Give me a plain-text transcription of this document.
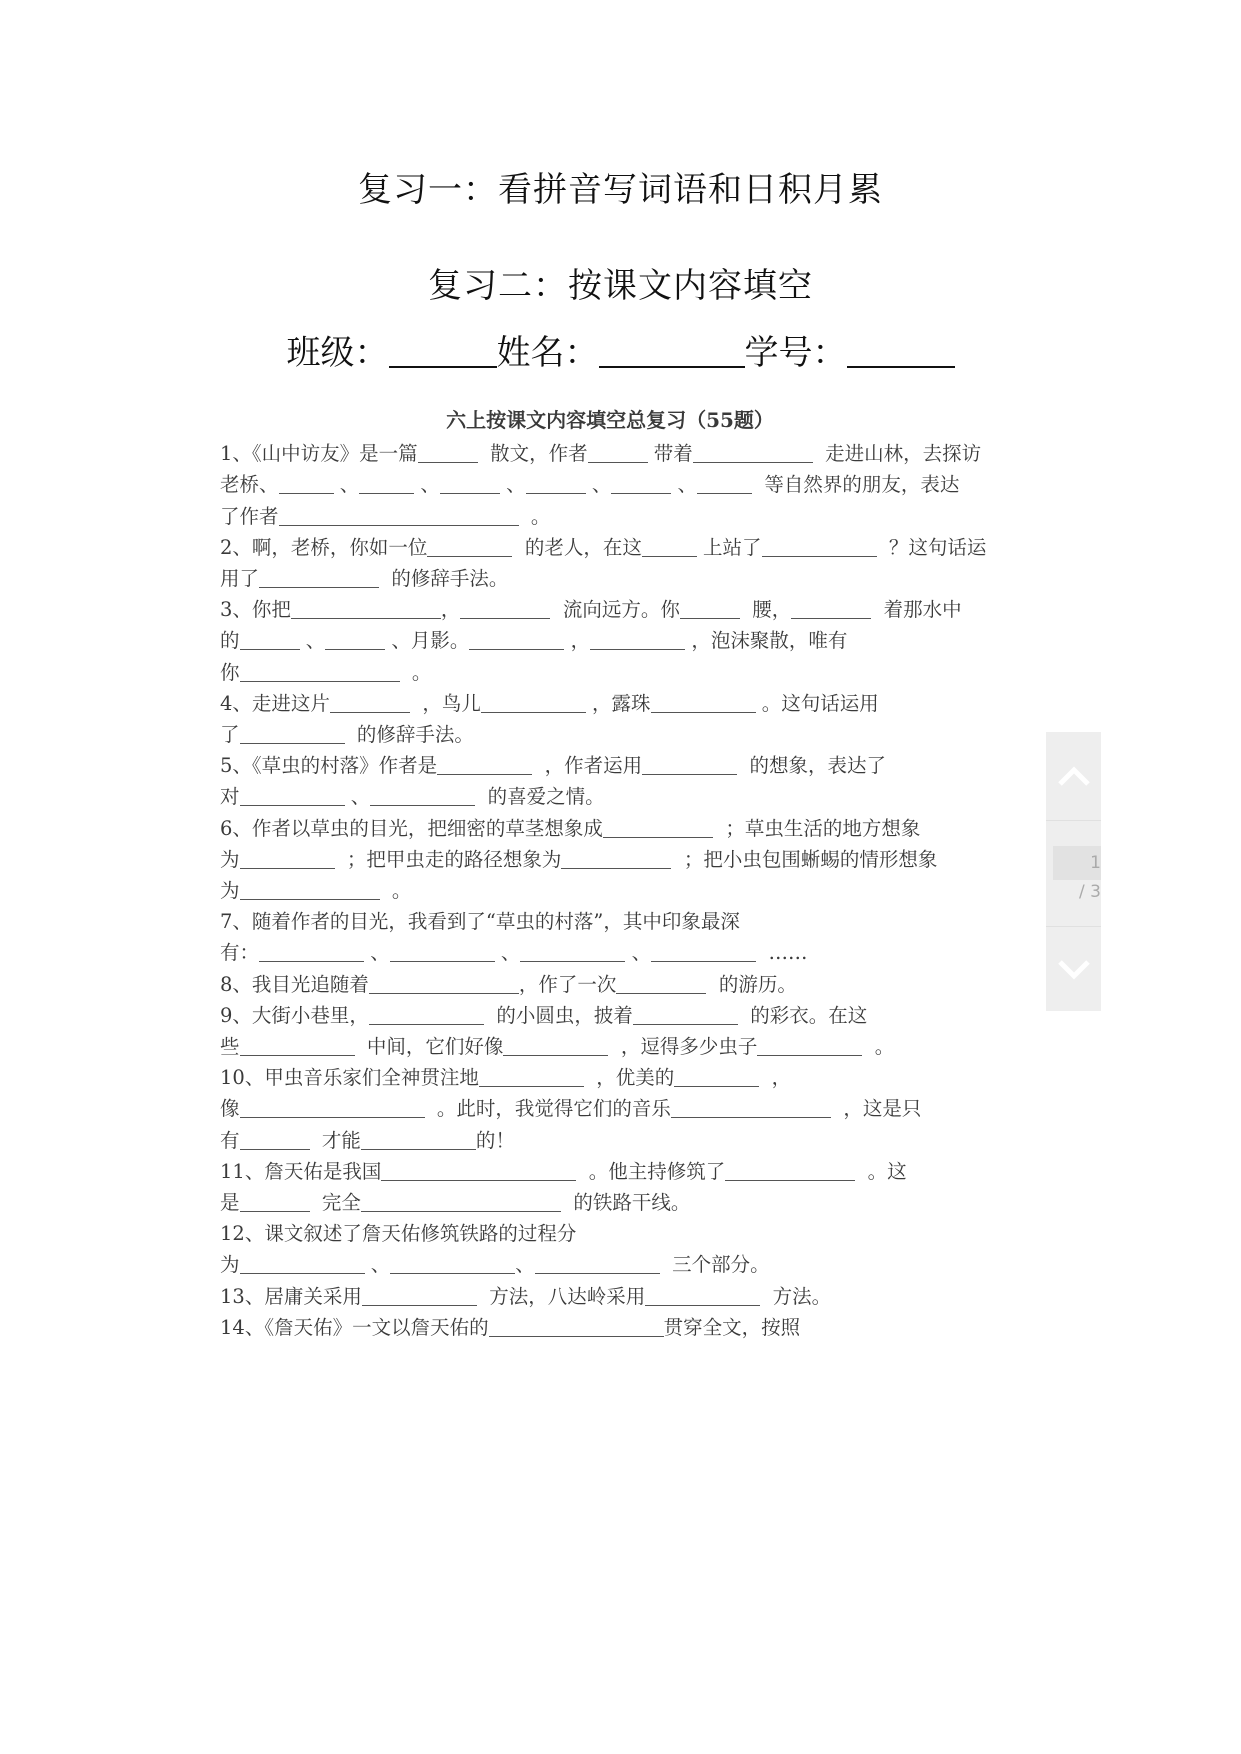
复习一：看拼音写词语和日积月累
复习二：按课文内容填空
班级：	姓名：	学号：
六上按课文内容填空总复习（55题）
1、《山中访友》是一篇	散文，作者	带着	走进山林，去探访
老桥、	、	、	、	、	、	等自然界的朋友，表达
了作者	。
2、啊，老桥，你如一位	的老人，在这	上站了	？这句话运
用了	的修辞手法。
3、你把	，	流向远方。你	腰，	着那水中
的	、	、月影。	，	，泡沫聚散，唯有
你	。
4、走进这片	，鸟儿	，露珠	。这句话运用
了	的修辞手法。
5、《草虫的村落》作者是	，作者运用	的想象，表达了
对	、	的喜爱之情。
6、作者以草虫的目光，把细密的草茎想象成	；草虫生活的地方想象
为	；把甲虫走的路径想象为	；把小虫包围蜥蜴的情形想象
为	。
7、随着作者的目光，我看到了“草虫的村落”，其中印象最深
有：	、	、	、	……
8、我目光追随着	，作了一次	的游历。
9、大街小巷里，	的小圆虫，披着	的彩衣。在这
些	中间，它们好像	，逗得多少虫子	。
10、甲虫音乐家们全神贯注地	，优美的	，
像	。此时，我觉得它们的音乐	，这是只
有	才能	的！
11、詹天佑是我国	。他主持修筑了	。这
是	完全	的铁路干线。
12、课文叙述了詹天佑修筑铁路的过程分
为	、	、	三个部分。
13、居庸关采用	方法，八达岭采用	方法。
14、《詹天佑》一文以詹天佑的	贯穿全文，按照
1
/ 3
